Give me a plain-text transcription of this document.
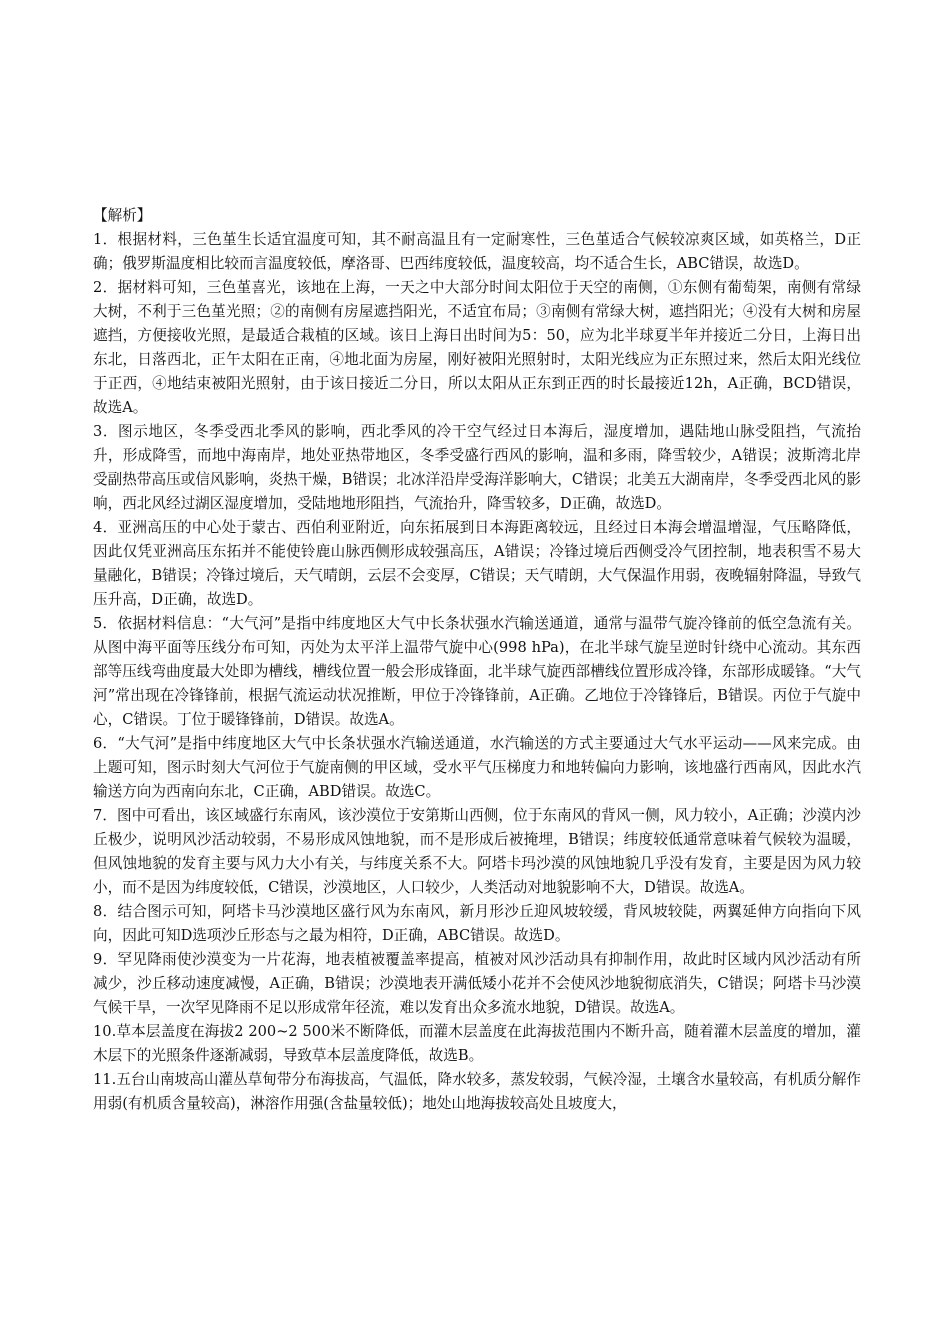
【解析】

1．根据材料，三色堇生长适宜温度可知，其不耐高温且有一定耐寒性，三色堇适合气候较凉爽区域，如英格兰，D正确；俄罗斯温度相比较而言温度较低，摩洛哥、巴西纬度较低，温度较高，均不适合生长，ABC错误，故选D。

2．据材料可知，三色堇喜光，该地在上海，一天之中大部分时间太阳位于天空的南侧，①东侧有葡萄架，南侧有常绿大树，不利于三色堇光照；②的南侧有房屋遮挡阳光，不适宜布局；③南侧有常绿大树，遮挡阳光；④没有大树和房屋遮挡，方便接收光照，是最适合栽植的区域。该日上海日出时间为5：50，应为北半球夏半年并接近二分日，上海日出东北，日落西北，正午太阳在正南，④地北面为房屋，刚好被阳光照射时，太阳光线应为正东照过来，然后太阳光线位于正西，④地结束被阳光照射，由于该日接近二分日，所以太阳从正东到正西的时长最接近12h，A正确，BCD错误，故选A。

3．图示地区，冬季受西北季风的影响，西北季风的冷干空气经过日本海后，湿度增加，遇陆地山脉受阻挡，气流抬升，形成降雪，而地中海南岸，地处亚热带地区，冬季受盛行西风的影响，温和多雨，降雪较少，A错误；波斯湾北岸受副热带高压或信风影响，炎热干燥，B错误；北冰洋沿岸受海洋影响大，C错误；北美五大湖南岸，冬季受西北风的影响，西北风经过湖区湿度增加，受陆地地形阻挡，气流抬升，降雪较多，D正确，故选D。

4．亚洲高压的中心处于蒙古、西伯利亚附近，向东拓展到日本海距离较远，且经过日本海会增温增湿，气压略降低，因此仅凭亚洲高压东拓并不能使铃鹿山脉西侧形成较强高压，A错误；冷锋过境后西侧受冷气团控制，地表积雪不易大量融化，B错误；冷锋过境后，天气晴朗，云层不会变厚，C错误；天气晴朗，大气保温作用弱，夜晚辐射降温，导致气压升高，D正确，故选D。

5．依据材料信息：“大气河”是指中纬度地区大气中长条状强水汽输送通道，通常与温带气旋冷锋前的低空急流有关。从图中海平面等压线分布可知，丙处为太平洋上温带气旋中心(998 hPa)，在北半球气旋呈逆时针绕中心流动。其东西部等压线弯曲度最大处即为槽线，槽线位置一般会形成锋面，北半球气旋西部槽线位置形成冷锋，东部形成暖锋。“大气河”常出现在冷锋锋前，根据气流运动状况推断，甲位于冷锋锋前，A正确。乙地位于冷锋锋后，B错误。丙位于气旋中心，C错误。丁位于暖锋锋前，D错误。故选A。

6．“大气河”是指中纬度地区大气中长条状强水汽输送通道，水汽输送的方式主要通过大气水平运动——风来完成。由上题可知，图示时刻大气河位于气旋南侧的甲区域，受水平气压梯度力和地转偏向力影响，该地盛行西南风，因此水汽输送方向为西南向东北，C正确，ABD错误。故选C。

7．图中可看出，该区域盛行东南风，该沙漠位于安第斯山西侧，位于东南风的背风一侧，风力较小，A正确；沙漠内沙丘极少，说明风沙活动较弱，不易形成风蚀地貌，而不是形成后被掩埋，B错误；纬度较低通常意味着气候较为温暖，但风蚀地貌的发育主要与风力大小有关，与纬度关系不大。阿塔卡玛沙漠的风蚀地貌几乎没有发育，主要是因为风力较小，而不是因为纬度较低，C错误，沙漠地区，人口较少，人类活动对地貌影响不大，D错误。故选A。

8．结合图示可知，阿塔卡马沙漠地区盛行风为东南风，新月形沙丘迎风坡较缓，背风坡较陡，两翼延伸方向指向下风向，因此可知D选项沙丘形态与之最为相符，D正确，ABC错误。故选D。

9．罕见降雨使沙漠变为一片花海，地表植被覆盖率提高，植被对风沙活动具有抑制作用，故此时区域内风沙活动有所减少，沙丘移动速度减慢，A正确，B错误；沙漠地表开满低矮小花并不会使风沙地貌彻底消失，C错误；阿塔卡马沙漠气候干旱，一次罕见降雨不足以形成常年径流，难以发育出众多流水地貌，D错误。故选A。

10.草本层盖度在海拔2 200~2 500米不断降低，而灌木层盖度在此海拔范围内不断升高，随着灌木层盖度的增加，灌木层下的光照条件逐渐减弱，导致草本层盖度降低，故选B。

11.五台山南坡高山灌丛草甸带分布海拔高，气温低，降水较多，蒸发较弱，气候冷湿，土壤含水量较高，有机质分解作用弱(有机质含量较高)，淋溶作用强(含盐量较低)；地处山地海拔较高处且坡度大，
